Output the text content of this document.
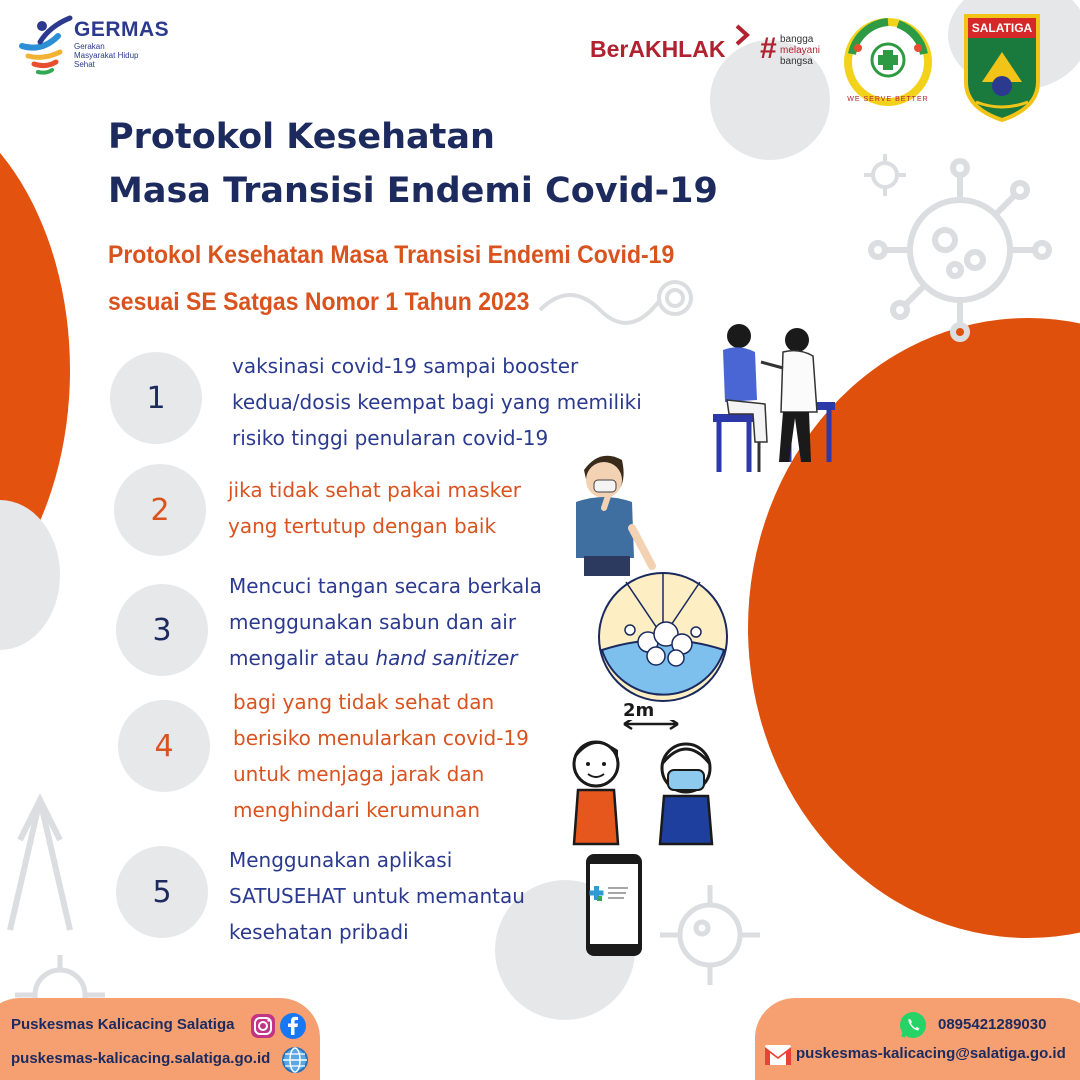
GERMAS
Gerakan Masyarakat Hidup Sehat
BerAKHLAK # bangga
melayani
bangsa
WE SERVE BETTER
SALATIGA
Protokol Kesehatan
Masa Transisi Endemi Covid-19
Protokol Kesehatan Masa Transisi Endemi Covid-19
sesuai SE Satgas Nomor 1 Tahun 2023
1
vaksinasi covid-19 sampai booster
kedua/dosis keempat bagi yang memiliki
risiko tinggi penularan covid-19
2
jika tidak sehat pakai masker
yang tertutup dengan baik
3
Mencuci tangan secara berkala
menggunakan sabun dan air
mengalir atau hand sanitizer
4
bagi yang tidak sehat dan
berisiko menularkan covid-19
untuk menjaga jarak dan
menghindari kerumunan
2m
5
Menggunakan aplikasi
SATUSEHAT untuk memantau
kesehatan pribadi
Puskesmas Kalicacing Salatiga
puskesmas-kalicacing.salatiga.go.id
0895421289030
puskesmas-kalicacing@salatiga.go.id
